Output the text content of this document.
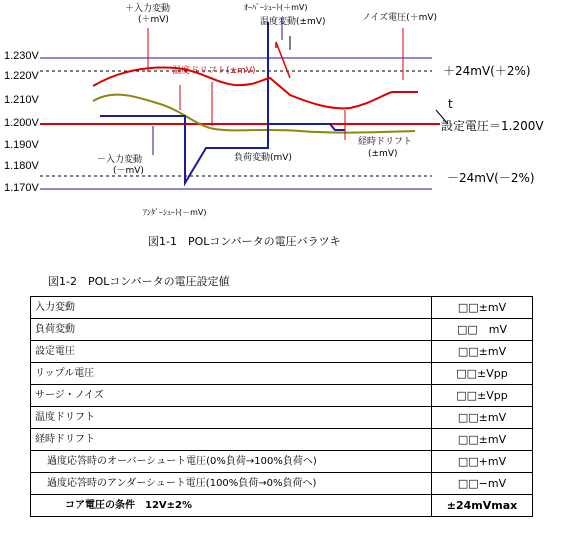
1.230V
1.220V
1.210V
1.200V
1.190V
1.180V
1.170V
＋入力変動
(＋mV)
ｵｰﾊﾞｰｼｭｰﾄ(＋mV)
温度変動(±mV)	ノイズ電圧(＋mV)
温度ドリフト(±mV)	＋24mV(＋2%)
t
設定電圧＝1.200V
－入力変動
(－mV)
負荷変動(mV)
経時ドリフト
(±mV)
－24mV(－2%)
ｱﾝﾀﾞｰｼｭｰﾄ(－mV)
図1-1　POLコンバータの電圧バラツキ
図1-2　POLコンバータの電圧設定値
入力変動	□□±mV
負荷変動	□□　mV
設定電圧	□□±mV
リップル電圧	□□±Vpp
サージ・ノイズ	□□±Vpp
温度ドリフト	□□±mV
経時ドリフト	□□±mV
過度応答時のオーバーシュート電圧(0%負荷→100%負荷へ)	□□+mV
過度応答時のアンダーシュート電圧(100%負荷→0%負荷へ)	□□−mV
コア電圧の条件　12V±2%	±24mVmax
